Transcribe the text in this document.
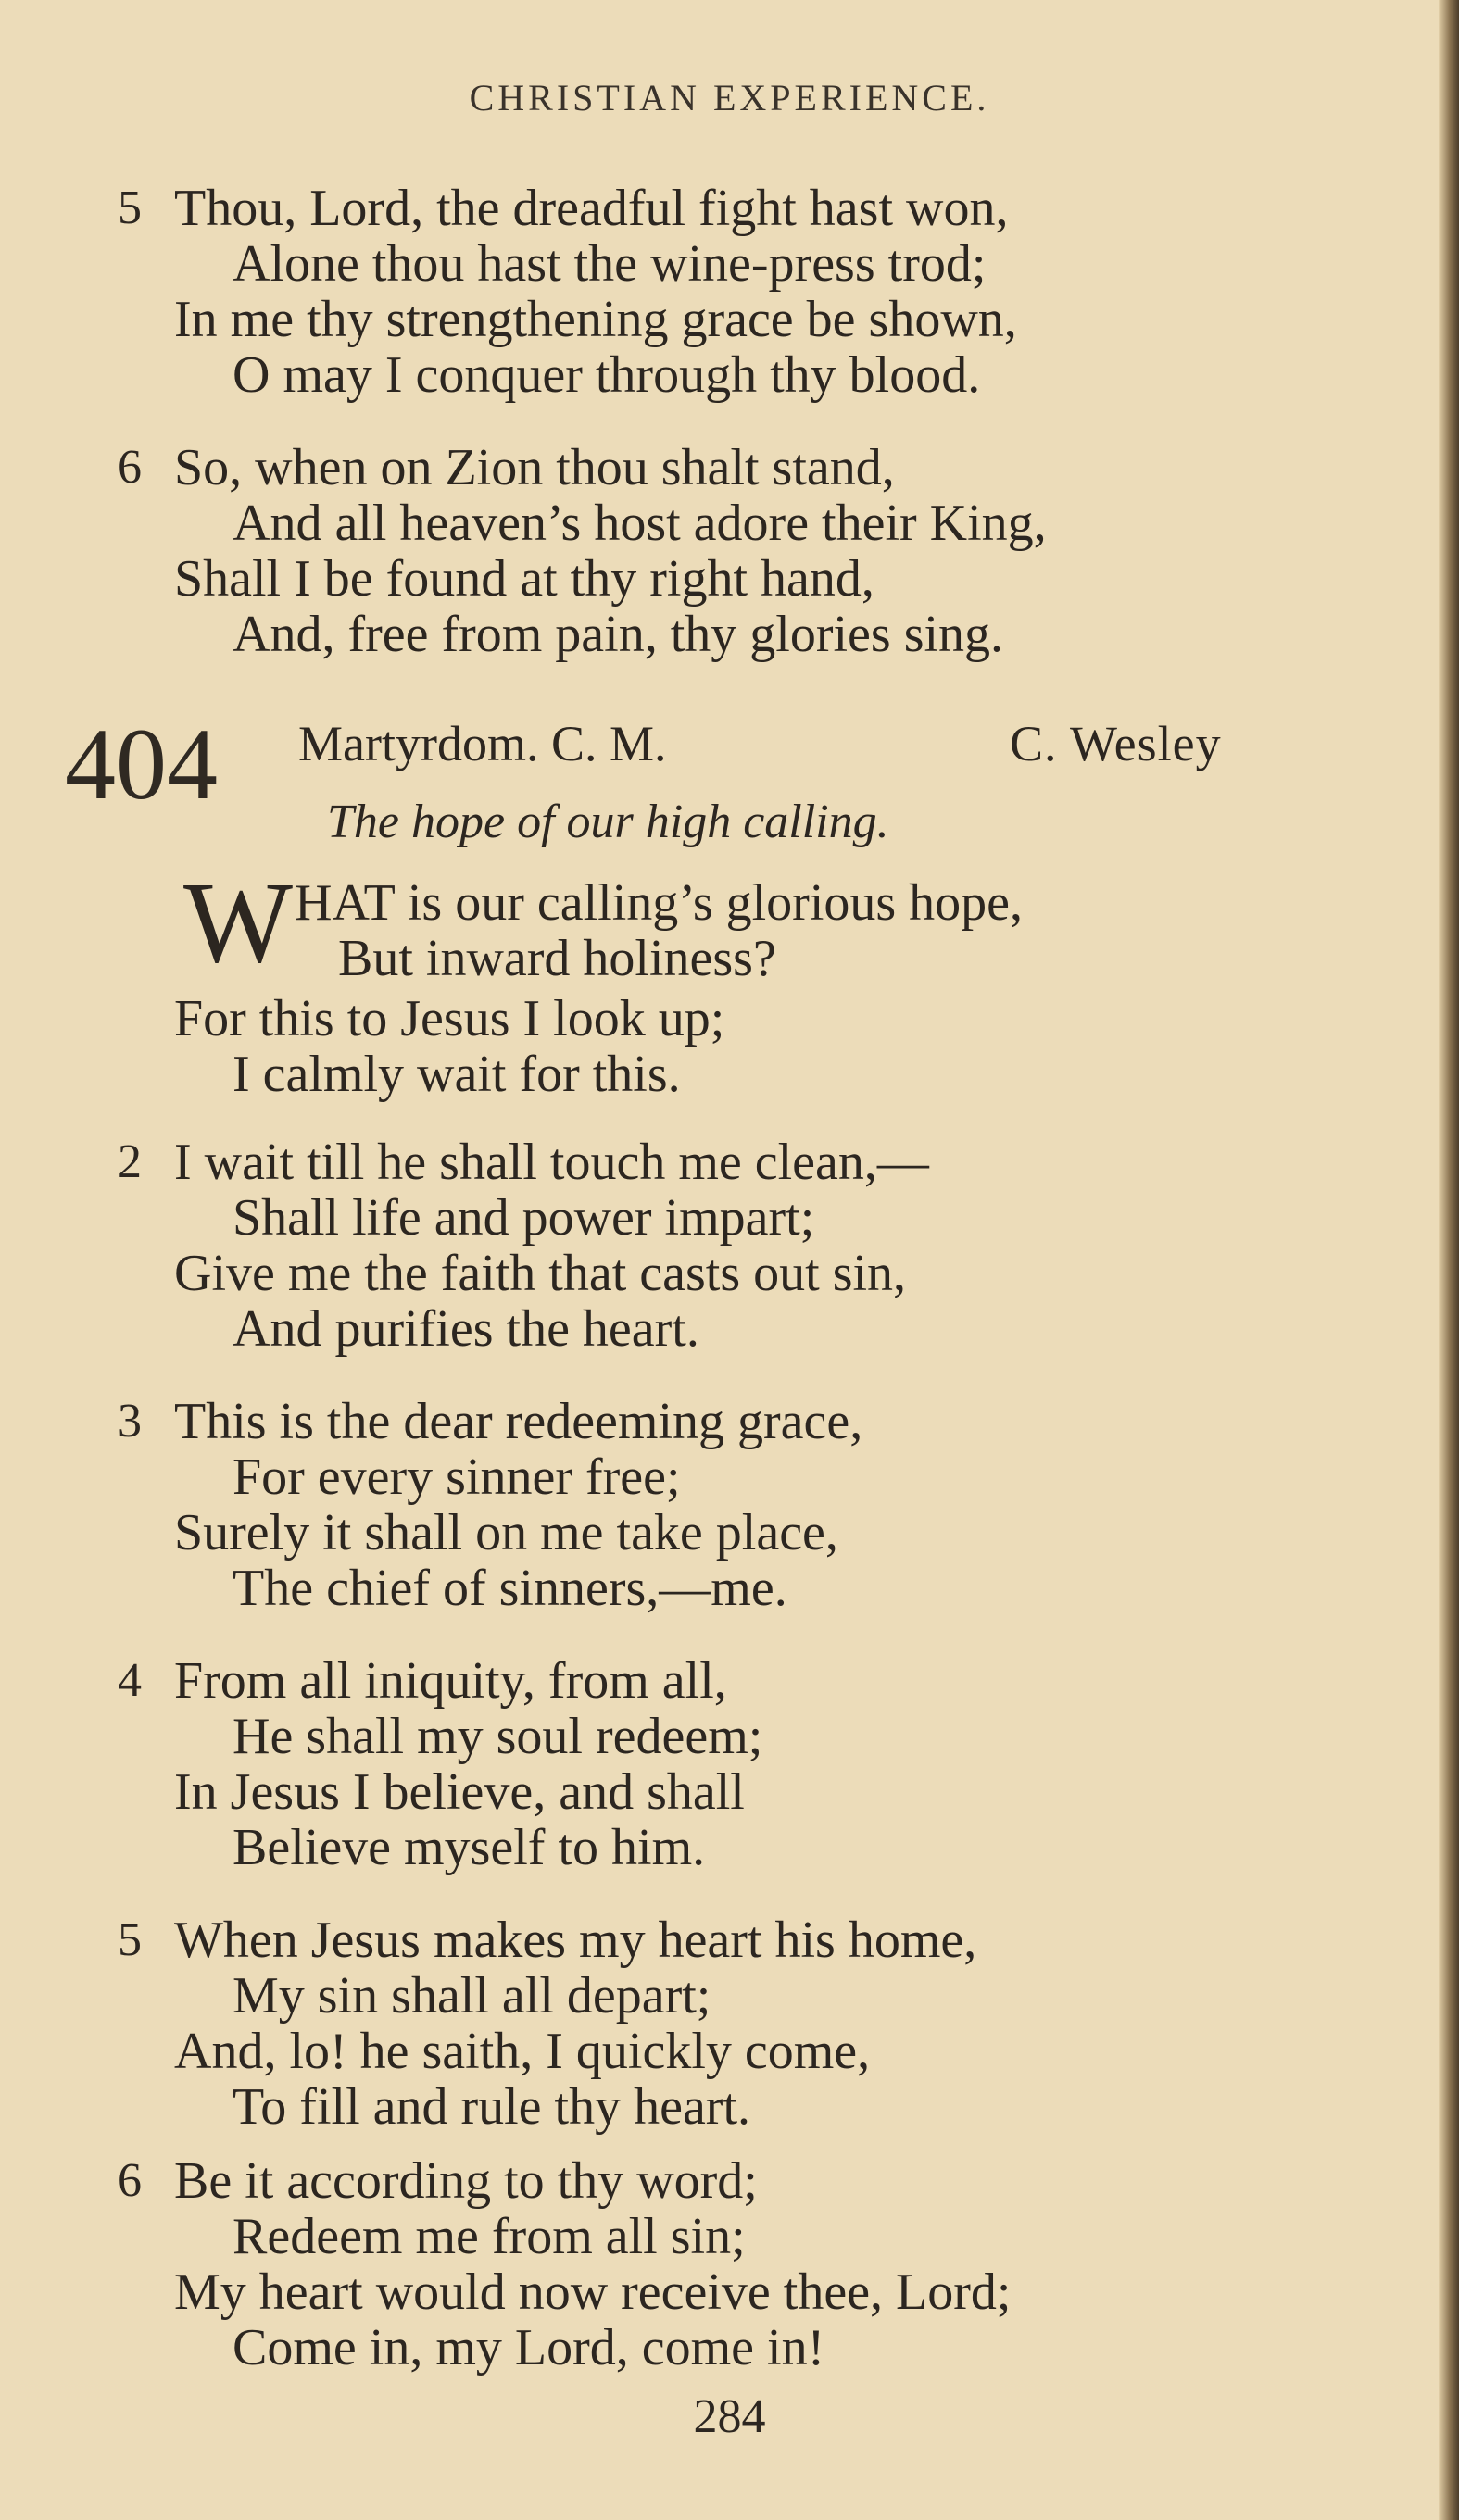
CHRISTIAN EXPERIENCE.
5 Thou, Lord, the dreadful fight hast won,
Alone thou hast the wine-press trod;
In me thy strengthening grace be shown,
O may I conquer through thy blood.
6 So, when on Zion thou shalt stand,
And all heaven’s host adore their King,
Shall I be found at thy right hand,
And, free from pain, thy glories sing.
404 Martyrdom. C. M.	C. Wesley
The hope of our high calling.
W HAT is our calling’s glorious hope,
But inward holiness?
For this to Jesus I look up;
I calmly wait for this.
2 I wait till he shall touch me clean,—
Shall life and power impart;
Give me the faith that casts out sin,
And purifies the heart.
3 This is the dear redeeming grace,
For every sinner free;
Surely it shall on me take place,
The chief of sinners,—me.
4 From all iniquity, from all,
He shall my soul redeem;
In Jesus I believe, and shall
Believe myself to him.
5 When Jesus makes my heart his home,
My sin shall all depart;
And, lo! he saith, I quickly come,
To fill and rule thy heart.
6 Be it according to thy word;
Redeem me from all sin;
My heart would now receive thee, Lord;
Come in, my Lord, come in!
284
